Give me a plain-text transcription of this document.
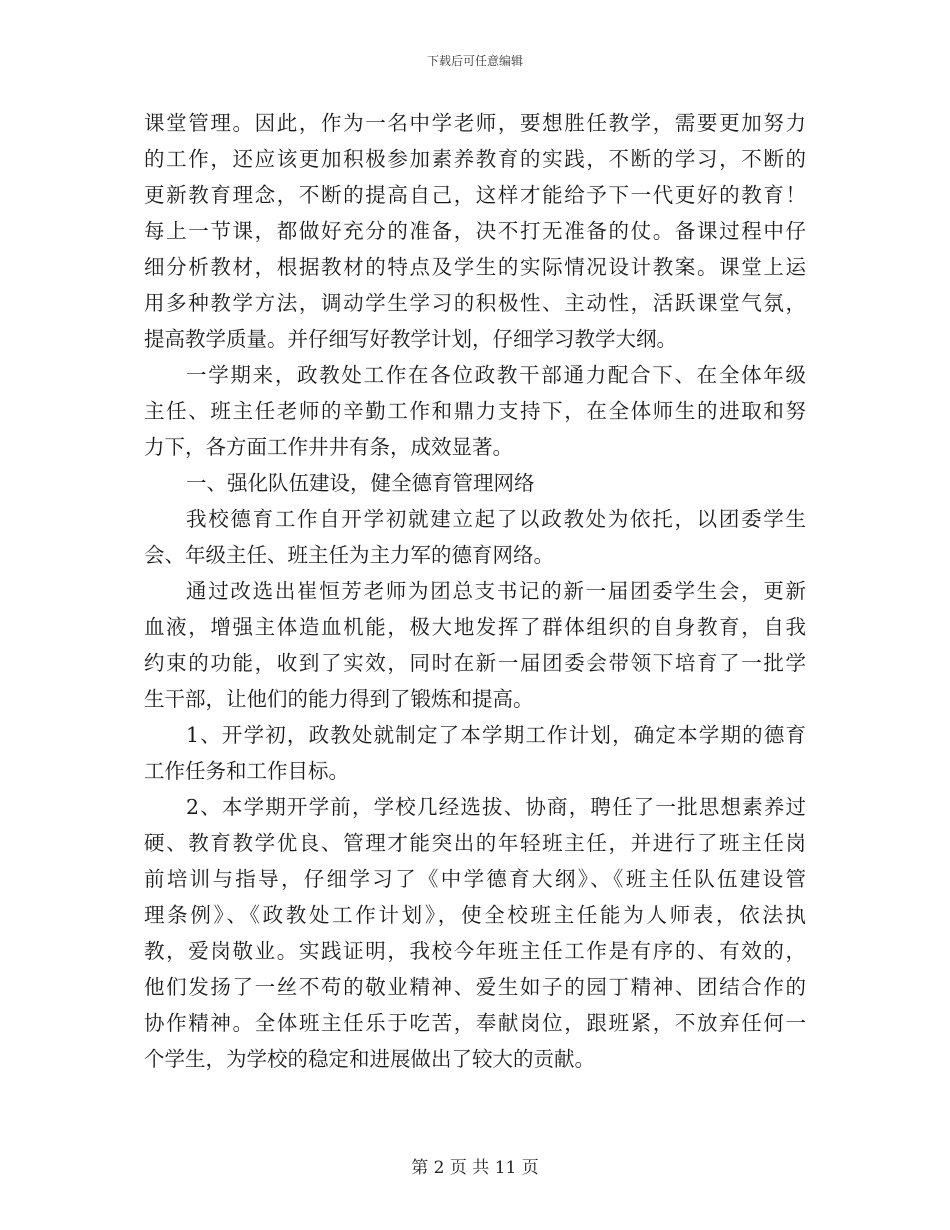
下载后可任意编辑
课堂管理。因此，作为一名中学老师，要想胜任教学，需要更加努力
的工作，还应该更加积极参加素养教育的实践，不断的学习，不断的
更新教育理念，不断的提高自己，这样才能给予下一代更好的教育！
每上一节课，都做好充分的准备，决不打无准备的仗。备课过程中仔
细分析教材，根据教材的特点及学生的实际情况设计教案。课堂上运
用多种教学方法，调动学生学习的积极性、主动性，活跃课堂气氛，
提高教学质量。并仔细写好教学计划，仔细学习教学大纲。
一学期来，政教处工作在各位政教干部通力配合下、在全体年级
主任、班主任老师的辛勤工作和鼎力支持下，在全体师生的进取和努
力下，各方面工作井井有条，成效显著。
一、强化队伍建设，健全德育管理网络
我校德育工作自开学初就建立起了以政教处为依托，以团委学生
会、年级主任、班主任为主力军的德育网络。
通过改选出崔恒芳老师为团总支书记的新一届团委学生会，更新
血液，增强主体造血机能，极大地发挥了群体组织的自身教育，自我
约束的功能，收到了实效，同时在新一届团委会带领下培育了一批学
生干部，让他们的能力得到了锻炼和提高。
1、开学初，政教处就制定了本学期工作计划，确定本学期的德育
工作任务和工作目标。
2、本学期开学前，学校几经选拔、协商，聘任了一批思想素养过
硬、教育教学优良、管理才能突出的年轻班主任，并进行了班主任岗
前培训与指导，仔细学习了《中学德育大纲》、《班主任队伍建设管
理条例》、《政教处工作计划》，使全校班主任能为人师表，依法执
教，爱岗敬业。实践证明，我校今年班主任工作是有序的、有效的，
他们发扬了一丝不苟的敬业精神、爱生如子的园丁精神、团结合作的
协作精神。全体班主任乐于吃苦，奉献岗位，跟班紧，不放弃任何一
个学生，为学校的稳定和进展做出了较大的贡献。
第 2 页 共 11 页
